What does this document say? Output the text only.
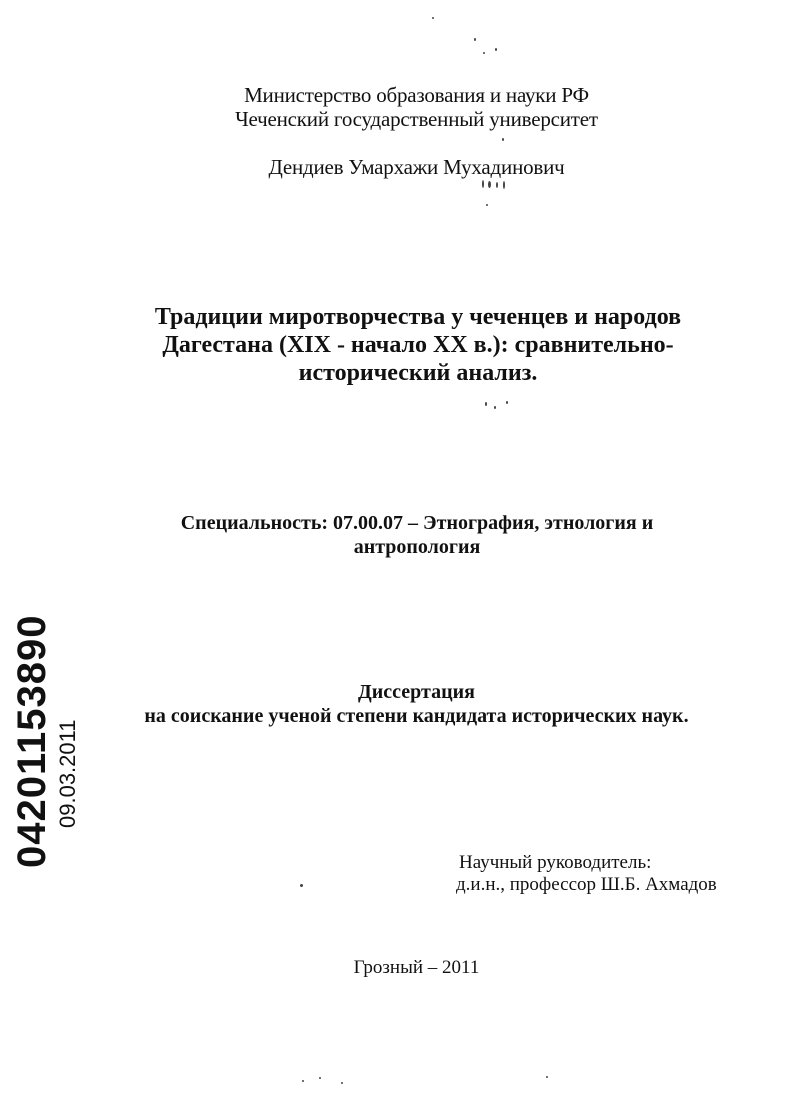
Министерство образования и науки РФ
Чеченский государственный университет
Дендиев Умархажи Мухадинович
Традиции миротворчества у чеченцев и народов
Дагестана (XIX - начало XX в.): сравнительно-
исторический анализ.
Специальность: 07.00.07 – Этнография, этнология и
антропология
Диссертация
на соискание ученой степени кандидата исторических наук.
Научный руководитель:
д.и.н., профессор Ш.Б. Ахмадов
Грозный – 2011
04201153890 09.03.2011
